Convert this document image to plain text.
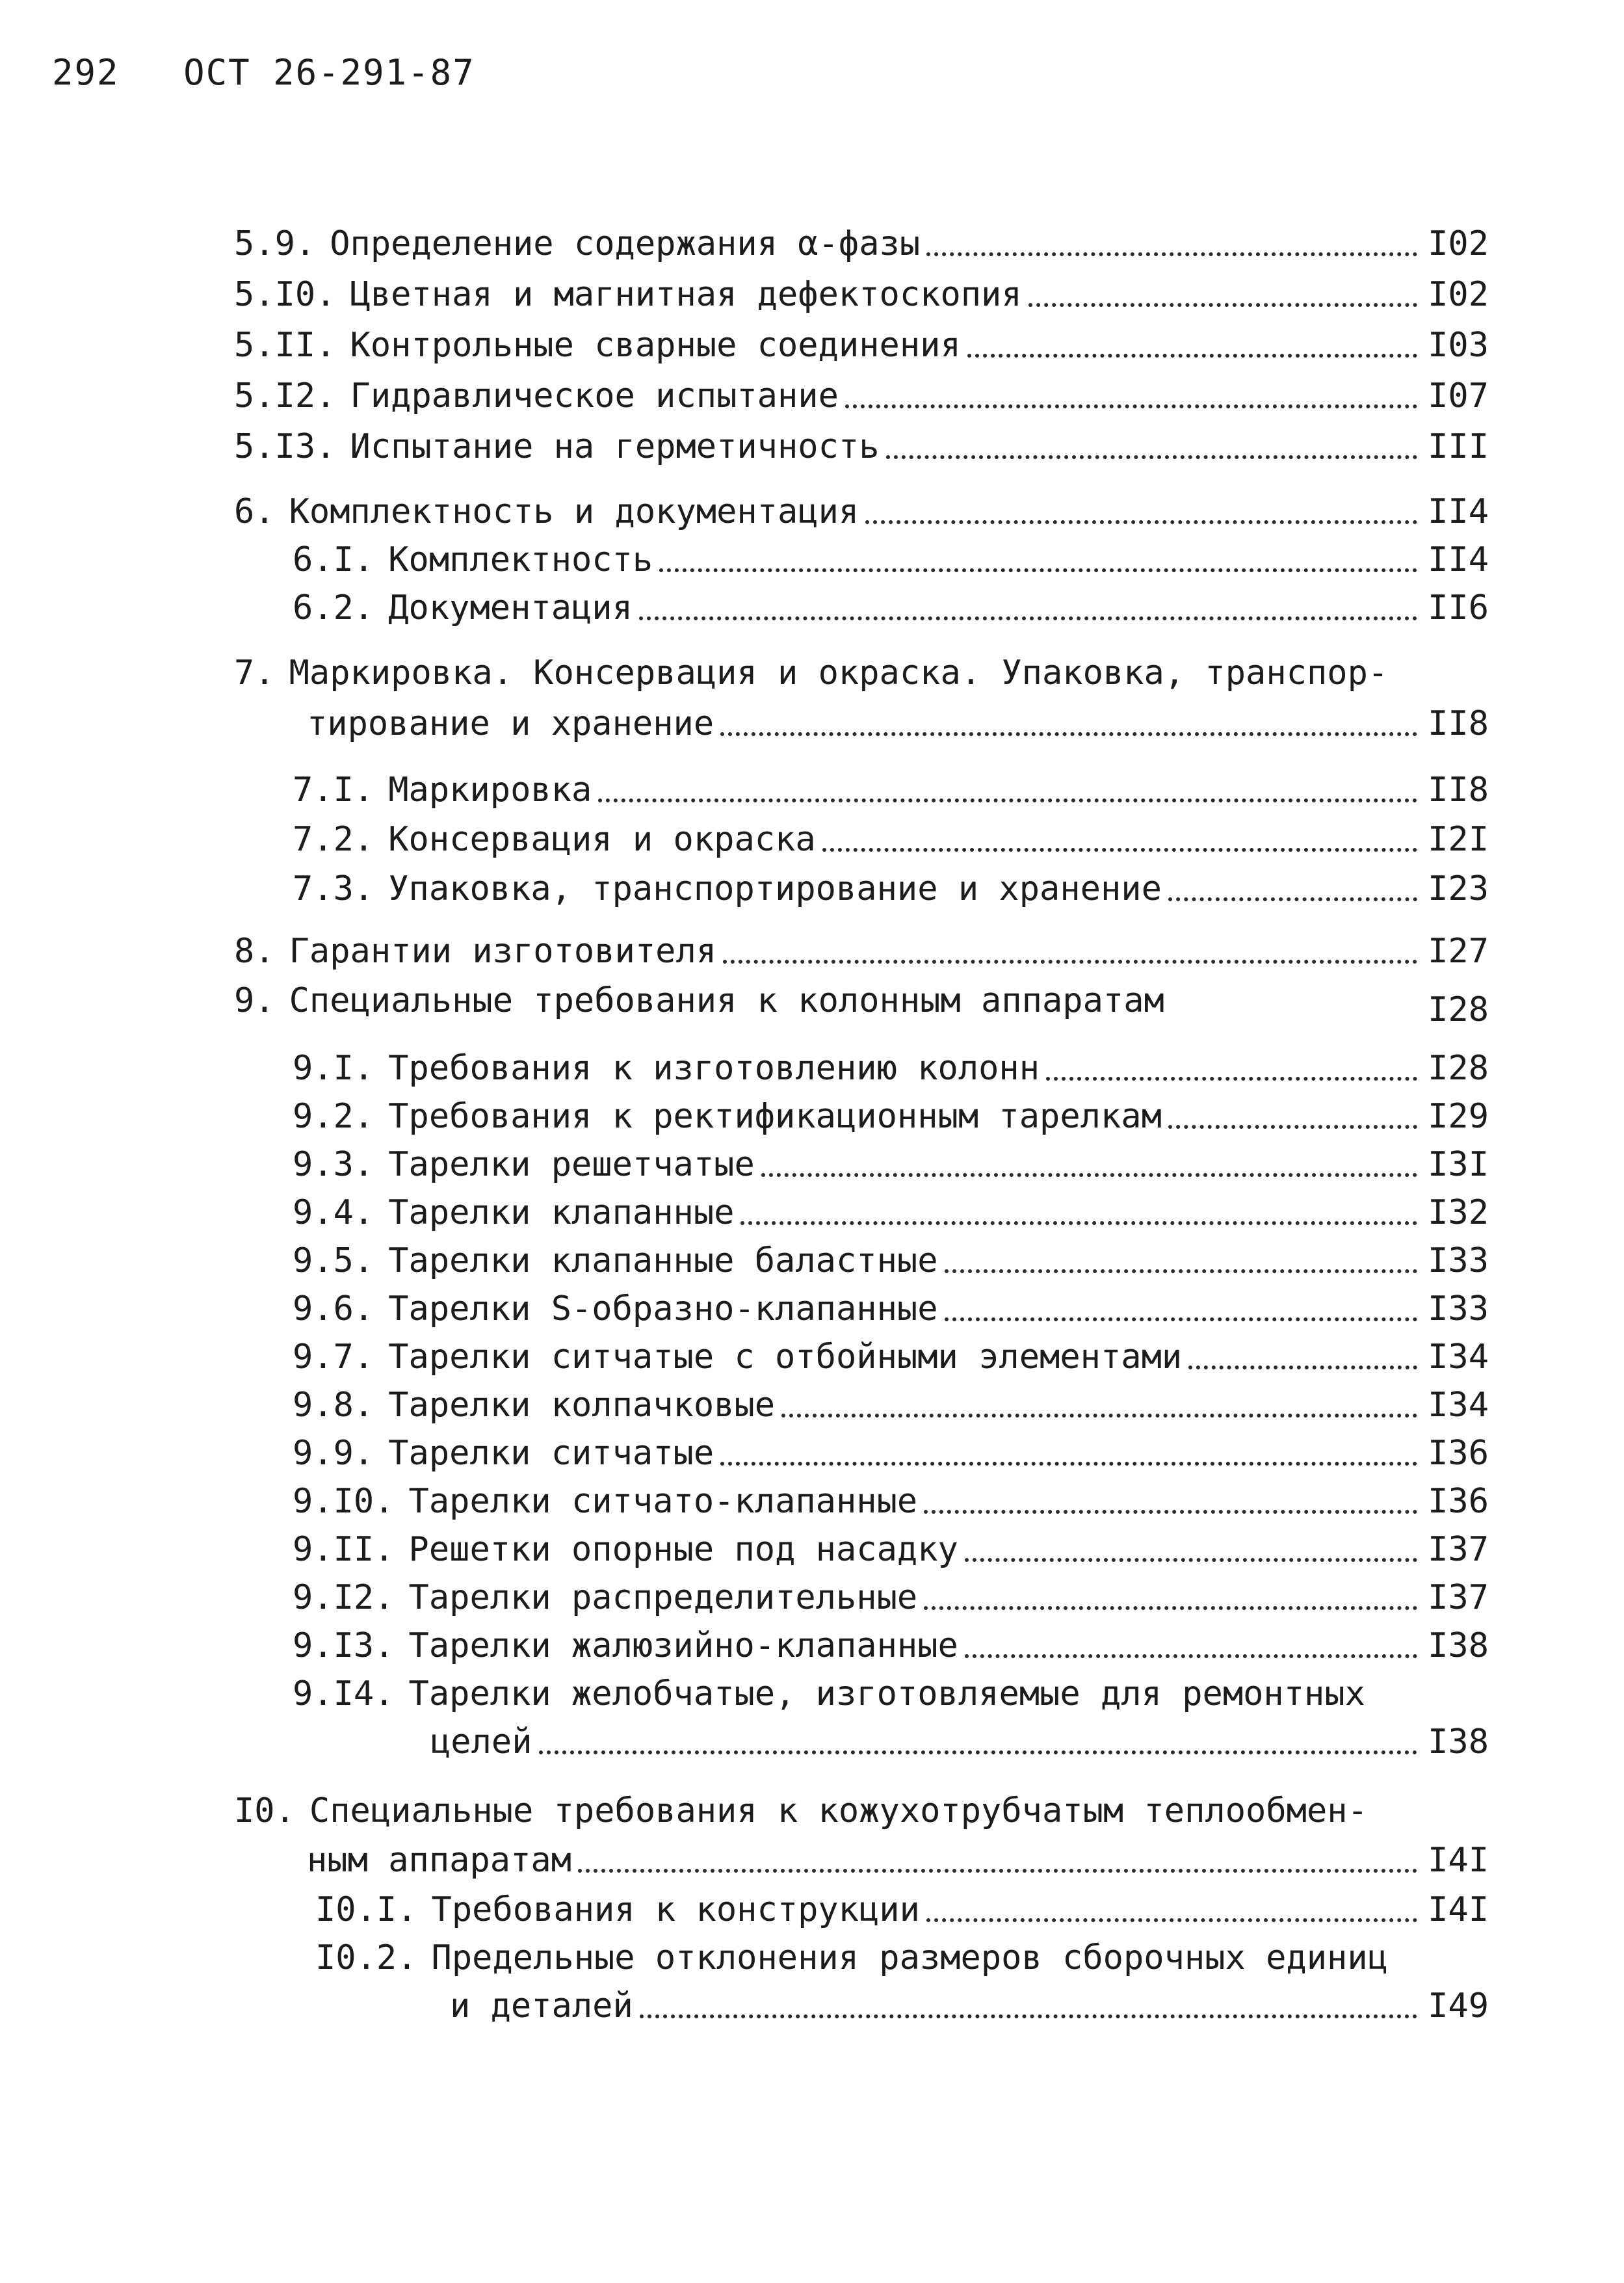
292 ОСТ 26-291-87
5.9. Определение содержания α-фазы	I02
5.I0. Цветная и магнитная дефектоскопия	I02
5.II. Контрольные сварные соединения	I03
5.I2. Гидравлическое испытание	I07
5.I3. Испытание на герметичность	III
6. Комплектность и документация	II4
6.I. Комплектность	II4
6.2. Документация	II6
7. Маркировка. Консервация и окраска. Упаковка, транспор-
тирование и хранение	II8
7.I. Маркировка	II8
7.2. Консервация и окраска	I2I
7.3. Упаковка, транспортирование и хранение	I23
8. Гарантии изготовителя	I27
9. Специальные требования к колонным аппаратам	I28
9.I. Требования к изготовлению колонн	I28
9.2. Требования к ректификационным тарелкам	I29
9.3. Тарелки решетчатые	I3I
9.4. Тарелки клапанные	I32
9.5. Тарелки клапанные баластные	I33
9.6. Тарелки S-образно-клапанные	I33
9.7. Тарелки ситчатые с отбойными элементами	I34
9.8. Тарелки колпачковые	I34
9.9. Тарелки ситчатые	I36
9.I0. Тарелки ситчато-клапанные	I36
9.II. Решетки опорные под насадку	I37
9.I2. Тарелки распределительные	I37
9.I3. Тарелки жалюзийно-клапанные	I38
9.I4. Тарелки желобчатые, изготовляемые для ремонтных
целей	I38
I0. Специальные требования к кожухотрубчатым теплообмен-
ным аппаратам	I4I
I0.I. Требования к конструкции	I4I
I0.2. Предельные отклонения размеров сборочных единиц
и деталей	I49
